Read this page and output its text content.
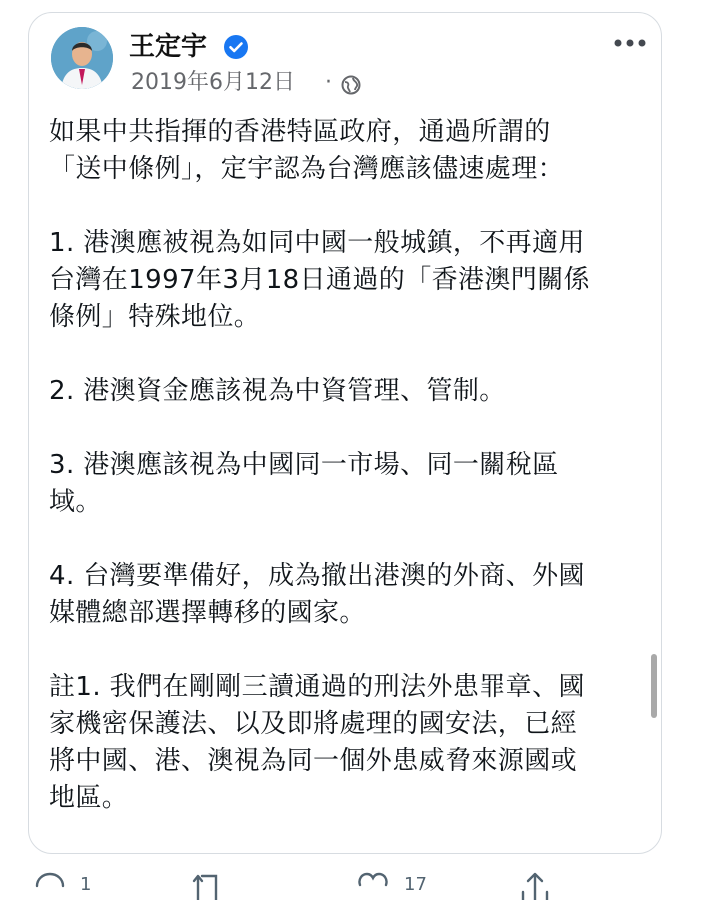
王定宇
2019年6月12日 ·

如果中共指揮的香港特區政府，通過所謂的

「送中條例」，定宇認為台灣應該儘速處理：

1. 港澳應被視為如同中國一般城鎮，不再適用

台灣在1997年3月18日通過的「香港澳門關係

條例」特殊地位。

2. 港澳資金應該視為中資管理、管制。

3. 港澳應該視為中國同一市場、同一關稅區

域。

4. 台灣要準備好，成為撤出港澳的外商、外國

媒體總部選擇轉移的國家。

註1. 我們在剛剛三讀通過的刑法外患罪章、國

家機密保護法、以及即將處理的國安法，已經

將中國、港、澳視為同一個外患威脅來源國或

地區。

1	17
